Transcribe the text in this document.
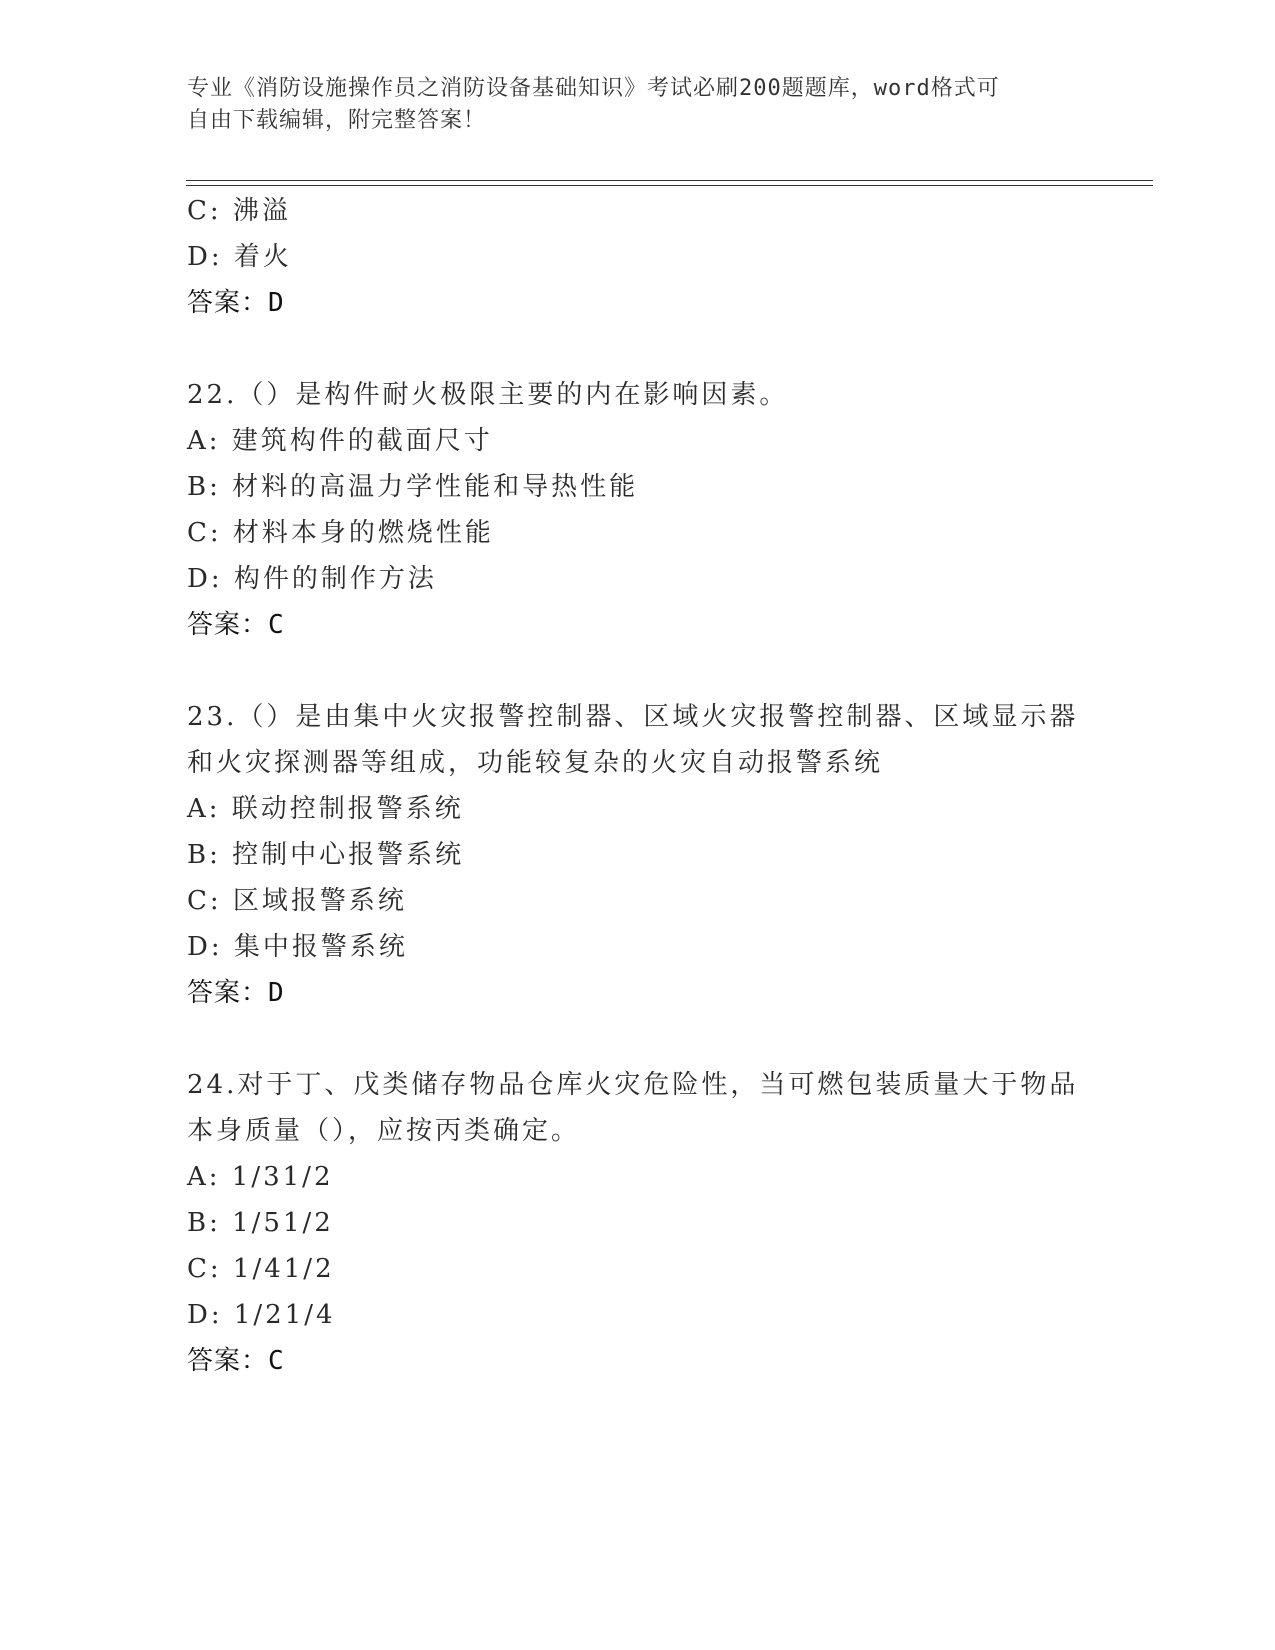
专业《消防设施操作员之消防设备基础知识》考试必刷200题题库，word格式可
自由下载编辑，附完整答案！
C: 沸溢
D: 着火
答案：D
22.（）是构件耐火极限主要的内在影响因素。
A: 建筑构件的截面尺寸
B: 材料的高温力学性能和导热性能
C: 材料本身的燃烧性能
D: 构件的制作方法
答案：C
23.（）是由集中火灾报警控制器、区域火灾报警控制器、区域显示器
和火灾探测器等组成，功能较复杂的火灾自动报警系统
A: 联动控制报警系统
B: 控制中心报警系统
C: 区域报警系统
D: 集中报警系统
答案：D
24.对于丁、戊类储存物品仓库火灾危险性，当可燃包装质量大于物品
本身质量（），应按丙类确定。
A: 1/31/2
B: 1/51/2
C: 1/41/2
D: 1/21/4
答案：C
